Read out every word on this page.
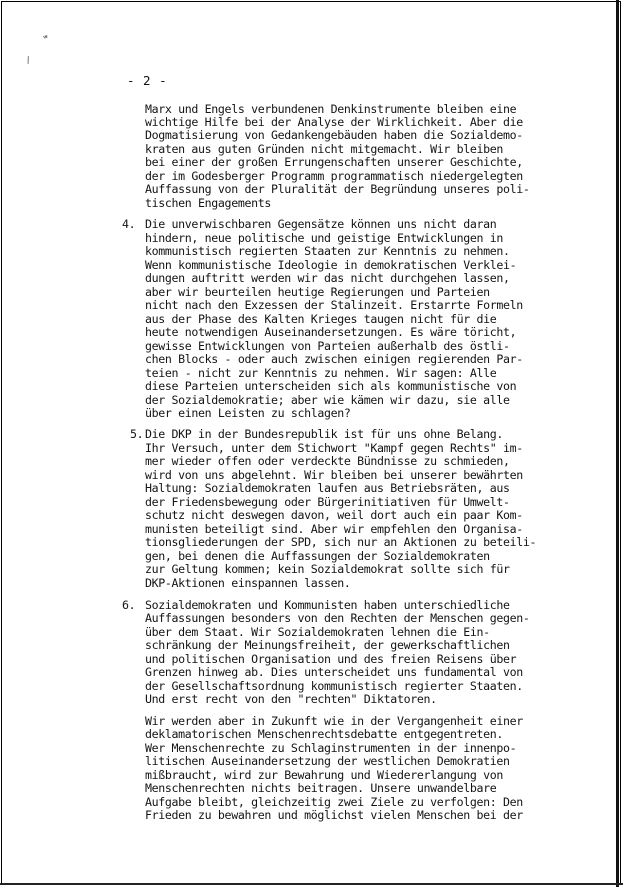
ʷ
⁄
- 2 -
Marx und Engels verbundenen Denkinstrumente bleiben eine
wichtige Hilfe bei der Analyse der Wirklichkeit. Aber die
Dogmatisierung von Gedankengebäuden haben die Sozialdemo-
kraten aus guten Gründen nicht mitgemacht. Wir bleiben
bei einer der großen Errungenschaften unserer Geschichte,
der im Godesberger Programm programmatisch niedergelegten
Auffassung von der Pluralität der Begründung unseres poli-
tischen Engagements
4. Die unverwischbaren Gegensätze können uns nicht daran
hindern, neue politische und geistige Entwicklungen in
kommunistisch regierten Staaten zur Kenntnis zu nehmen.
Wenn kommunistische Ideologie in demokratischen Verklei-
dungen auftritt werden wir das nicht durchgehen lassen,
aber wir beurteilen heutige Regierungen und Parteien
nicht nach den Exzessen der Stalinzeit. Erstarrte Formeln
aus der Phase des Kalten Krieges taugen nicht für die
heute notwendigen Auseinandersetzungen. Es wäre töricht,
gewisse Entwicklungen von Parteien außerhalb des östli-
chen Blocks - oder auch zwischen einigen regierenden Par-
teien - nicht zur Kenntnis zu nehmen. Wir sagen: Alle
diese Parteien unterscheiden sich als kommunistische von
der Sozialdemokratie; aber wie kämen wir dazu, sie alle
über einen Leisten zu schlagen?
5. Die DKP in der Bundesrepublik ist für uns ohne Belang.
Ihr Versuch, unter dem Stichwort "Kampf gegen Rechts" im-
mer wieder offen oder verdeckte Bündnisse zu schmieden,
wird von uns abgelehnt. Wir bleiben bei unserer bewährten
Haltung: Sozialdemokraten laufen aus Betriebsräten, aus
der Friedensbewegung oder Bürgerinitiativen für Umwelt-
schutz nicht deswegen davon, weil dort auch ein paar Kom-
munisten beteiligt sind. Aber wir empfehlen den Organisa-
tionsgliederungen der SPD, sich nur an Aktionen zu beteili-
gen, bei denen die Auffassungen der Sozialdemokraten
zur Geltung kommen; kein Sozialdemokrat sollte sich für
DKP-Aktionen einspannen lassen.
6. Sozialdemokraten und Kommunisten haben unterschiedliche
Auffassungen besonders von den Rechten der Menschen gegen-
über dem Staat. Wir Sozialdemokraten lehnen die Ein-
schränkung der Meinungsfreiheit, der gewerkschaftlichen
und politischen Organisation und des freien Reisens über
Grenzen hinweg ab. Dies unterscheidet uns fundamental von
der Gesellschaftsordnung kommunistisch regierter Staaten.
Und erst recht von den "rechten" Diktatoren.
Wir werden aber in Zukunft wie in der Vergangenheit einer
deklamatorischen Menschenrechtsdebatte entgegentreten.
Wer Menschenrechte zu Schlaginstrumenten in der innenpo-
litischen Auseinandersetzung der westlichen Demokratien
mißbraucht, wird zur Bewahrung und Wiedererlangung von
Menschenrechten nichts beitragen. Unsere unwandelbare
Aufgabe bleibt, gleichzeitig zwei Ziele zu verfolgen: Den
Frieden zu bewahren und möglichst vielen Menschen bei der
